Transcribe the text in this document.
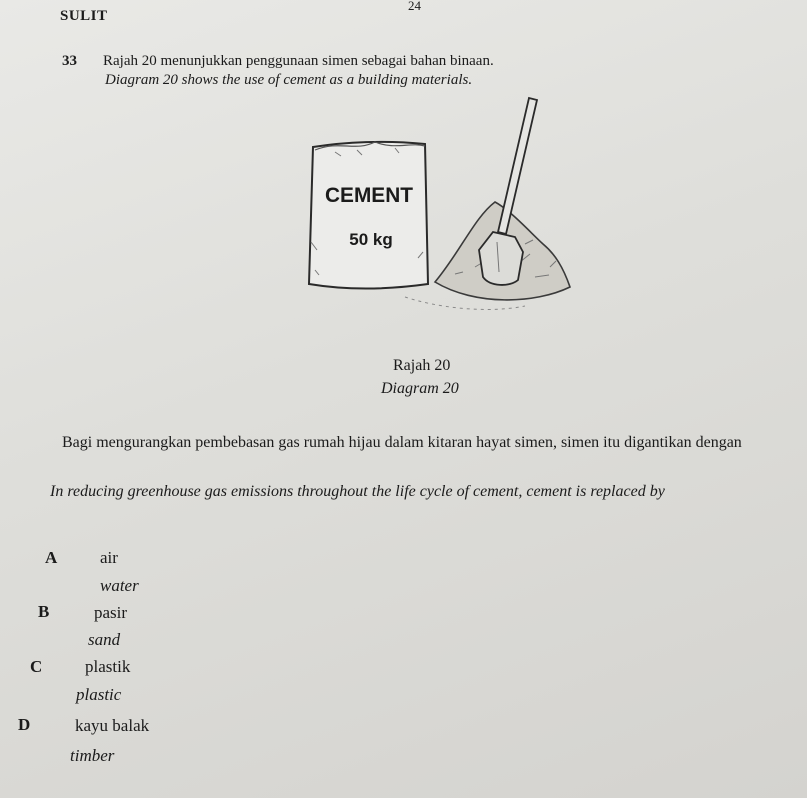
SULIT
24
33 Rajah 20 menunjukkan penggunaan simen sebagai bahan binaan.
Diagram 20 shows the use of cement as a building materials.
CEMENT
50 kg
Rajah 20
Diagram 20
Bagi mengurangkan pembebasan gas rumah hijau dalam kitaran hayat simen, simen itu digantikan dengan
In reducing greenhouse gas emissions throughout the life cycle of cement, cement is replaced by
A	air
water
B	pasir
sand
C	plastik
plastic
D	kayu balak
timber
